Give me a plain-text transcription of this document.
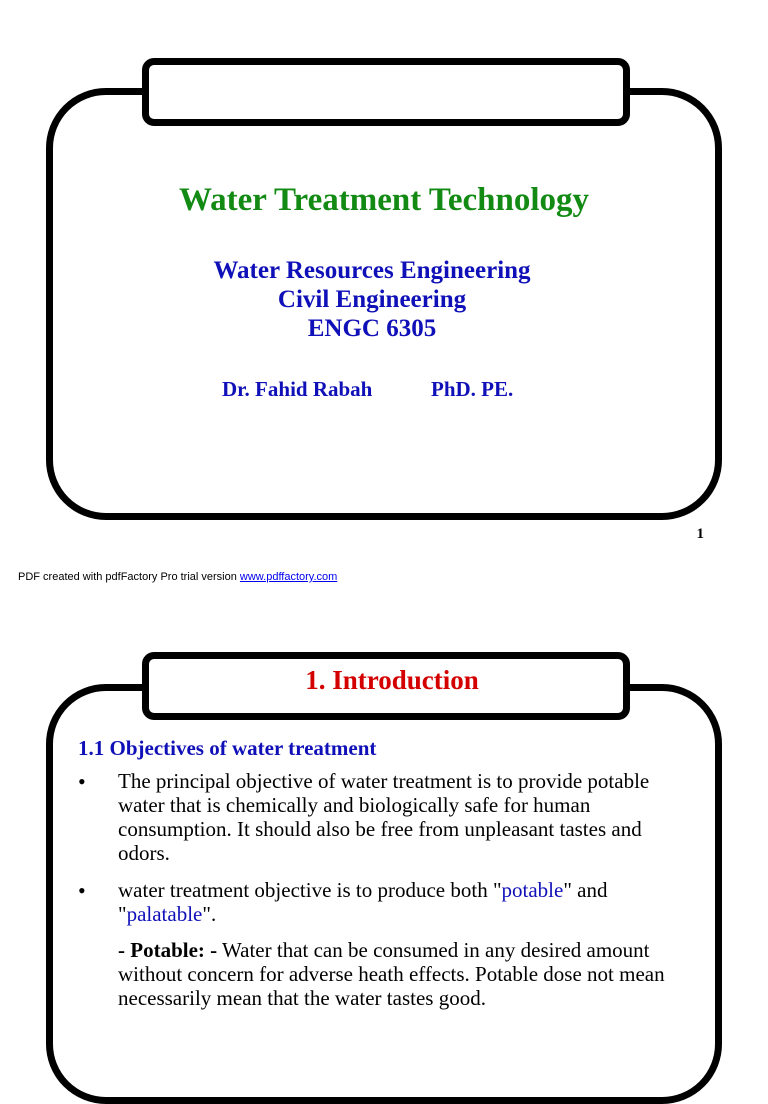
Water Treatment Technology
Water Resources Engineering
Civil Engineering
ENGC 6305
Dr. Fahid Rabah	PhD. PE.
1
PDF created with pdfFactory Pro trial version www.pdffactory.com
1. Introduction
1.1 Objectives of water treatment
• The principal objective of water treatment is to provide potable water that is chemically and biologically safe for human consumption. It should also be free from unpleasant tastes and odors.
• water treatment objective is to produce both "potable" and "palatable".
- Potable: - Water that can be consumed in any desired amount without concern for adverse heath effects. Potable dose not mean necessarily mean that the water tastes good.
